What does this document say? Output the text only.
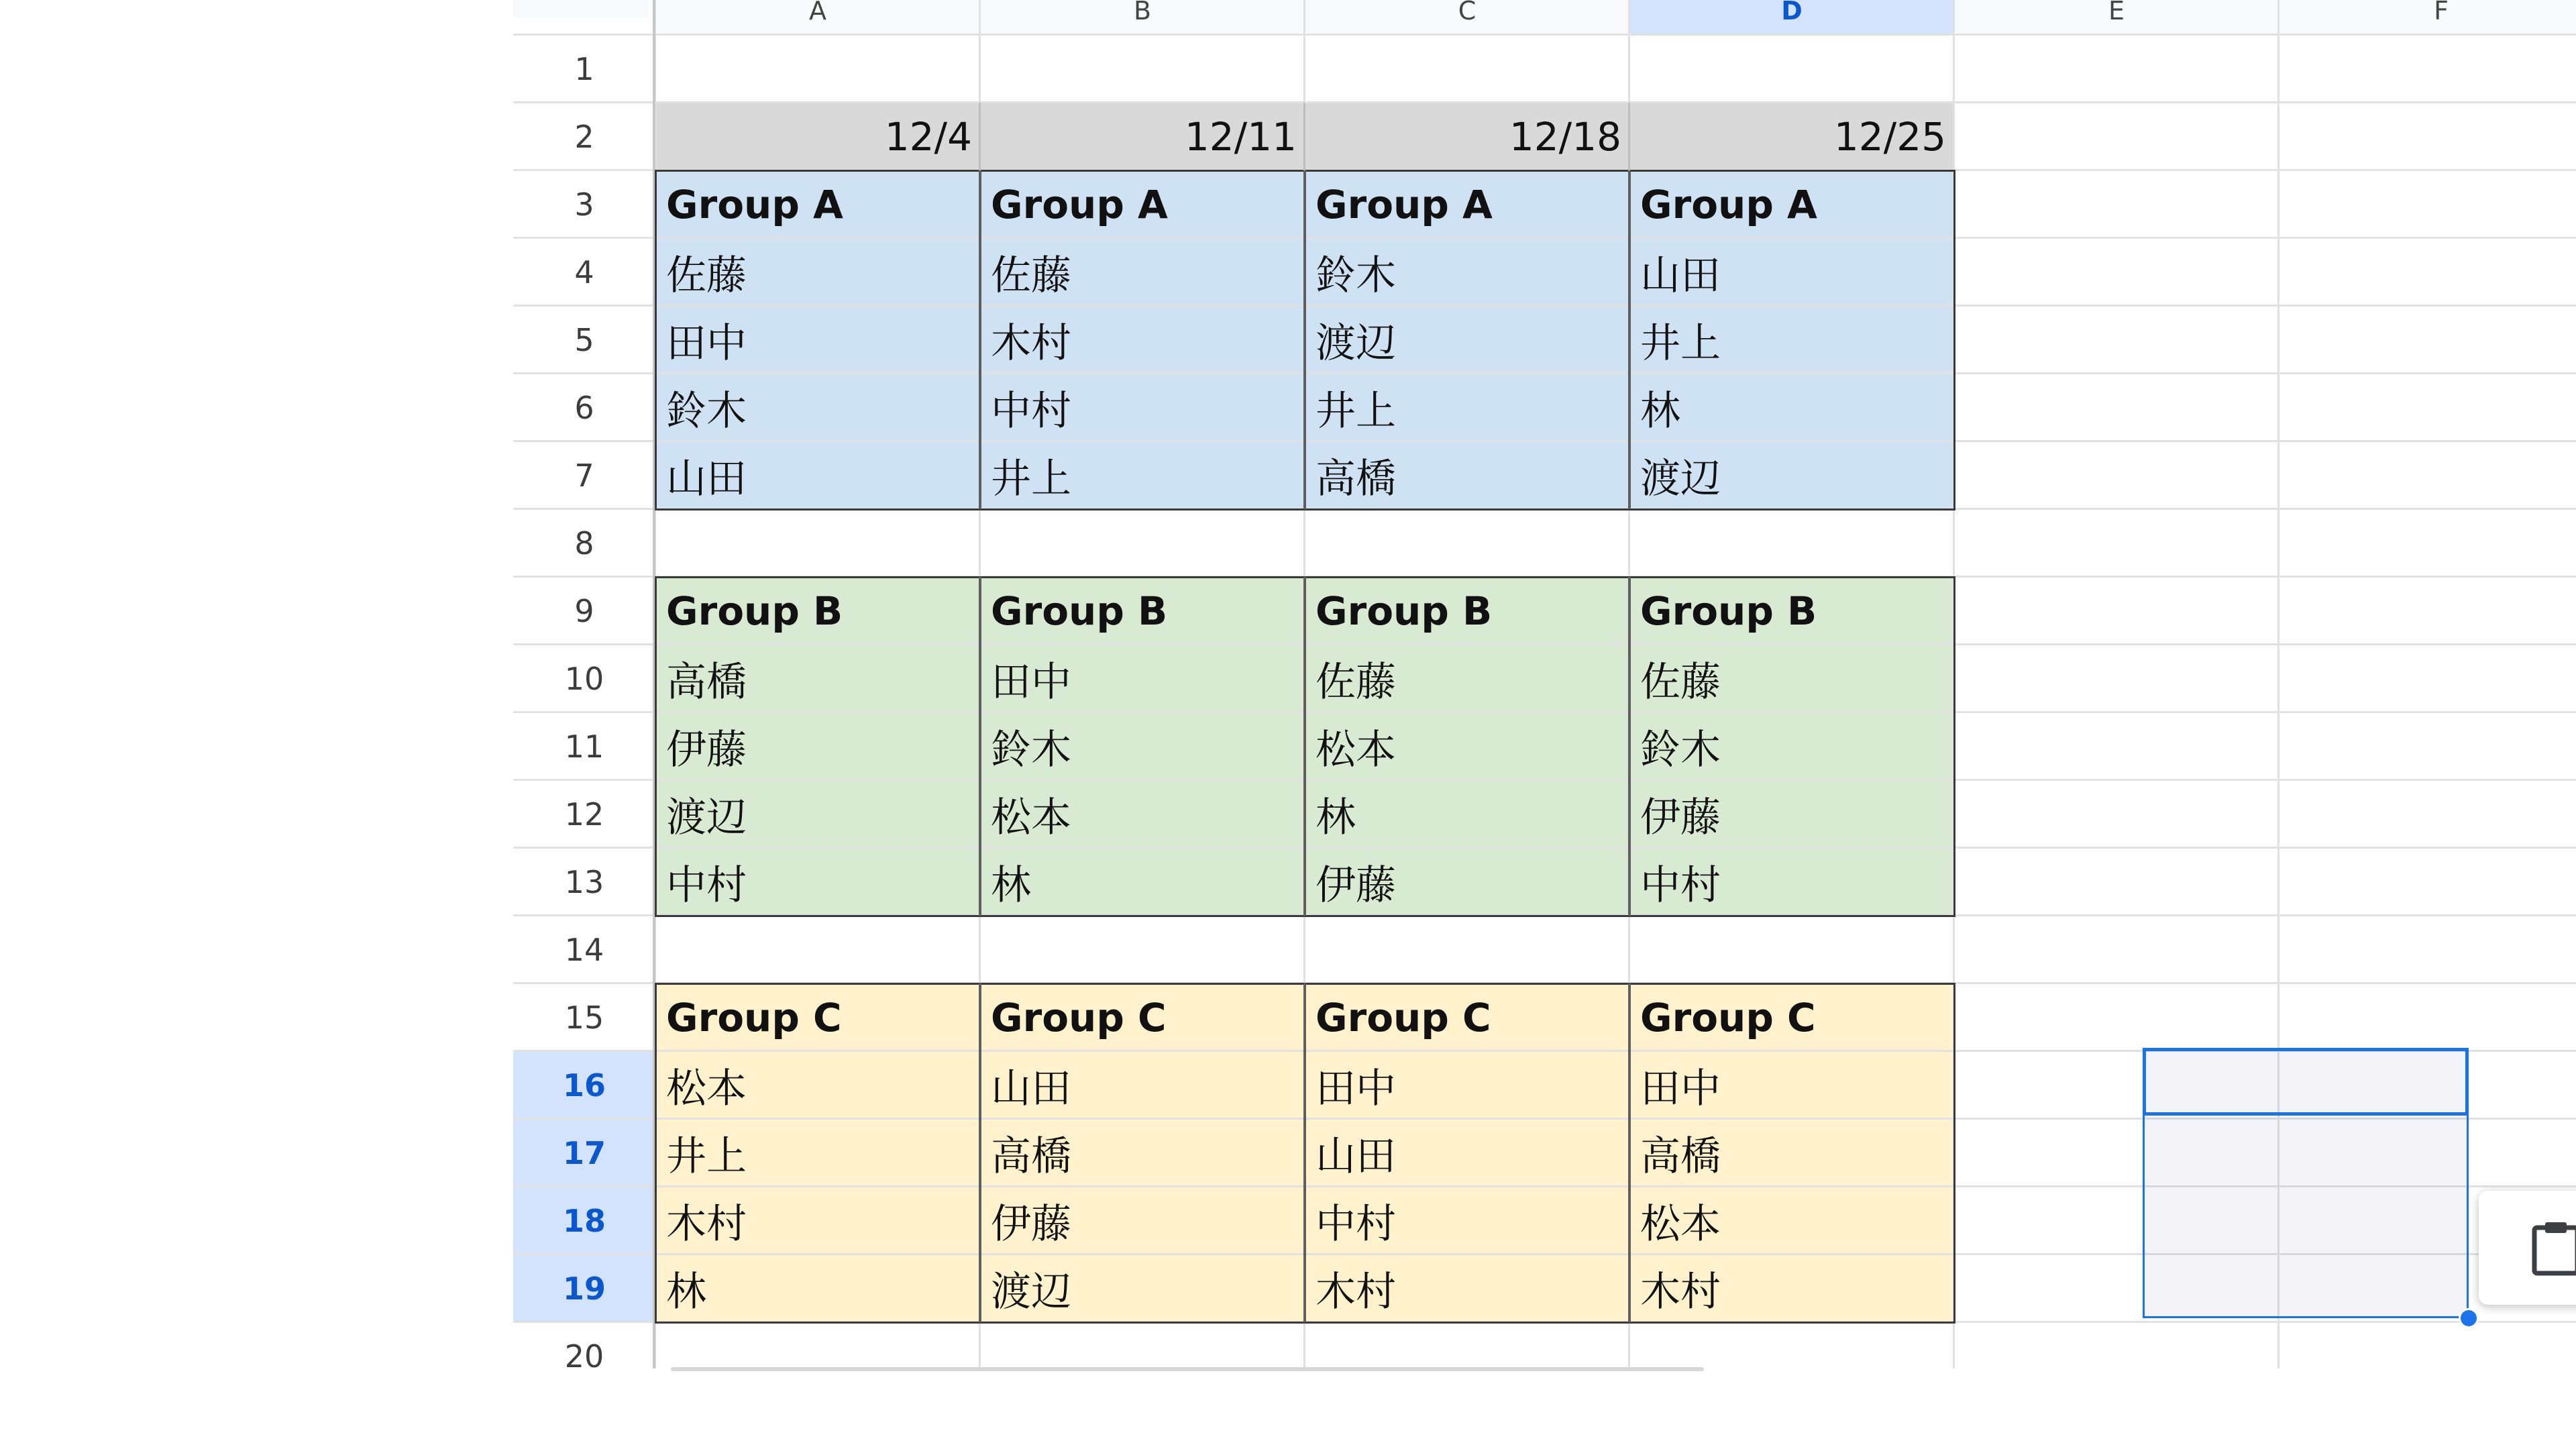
A	B	C	D	E	F
1
2
3
4
5
6
7
8
9
10
11
12
13
14
15
16
17
18
19
20
12/4	12/11	12/18	12/25
Group A	Group A	Group A	Group A
佐藤	佐藤	鈴木	山田
田中	木村	渡辺	井上
鈴木	中村	井上	林
山田	井上	高橋	渡辺
Group B	Group B	Group B	Group B
高橋	田中	佐藤	佐藤
伊藤	鈴木	松本	鈴木
渡辺	松本	林	伊藤
中村	林	伊藤	中村
Group C	Group C	Group C	Group C
松本	山田	田中	田中
井上	高橋	山田	高橋
木村	伊藤	中村	松本
林	渡辺	木村	木村
